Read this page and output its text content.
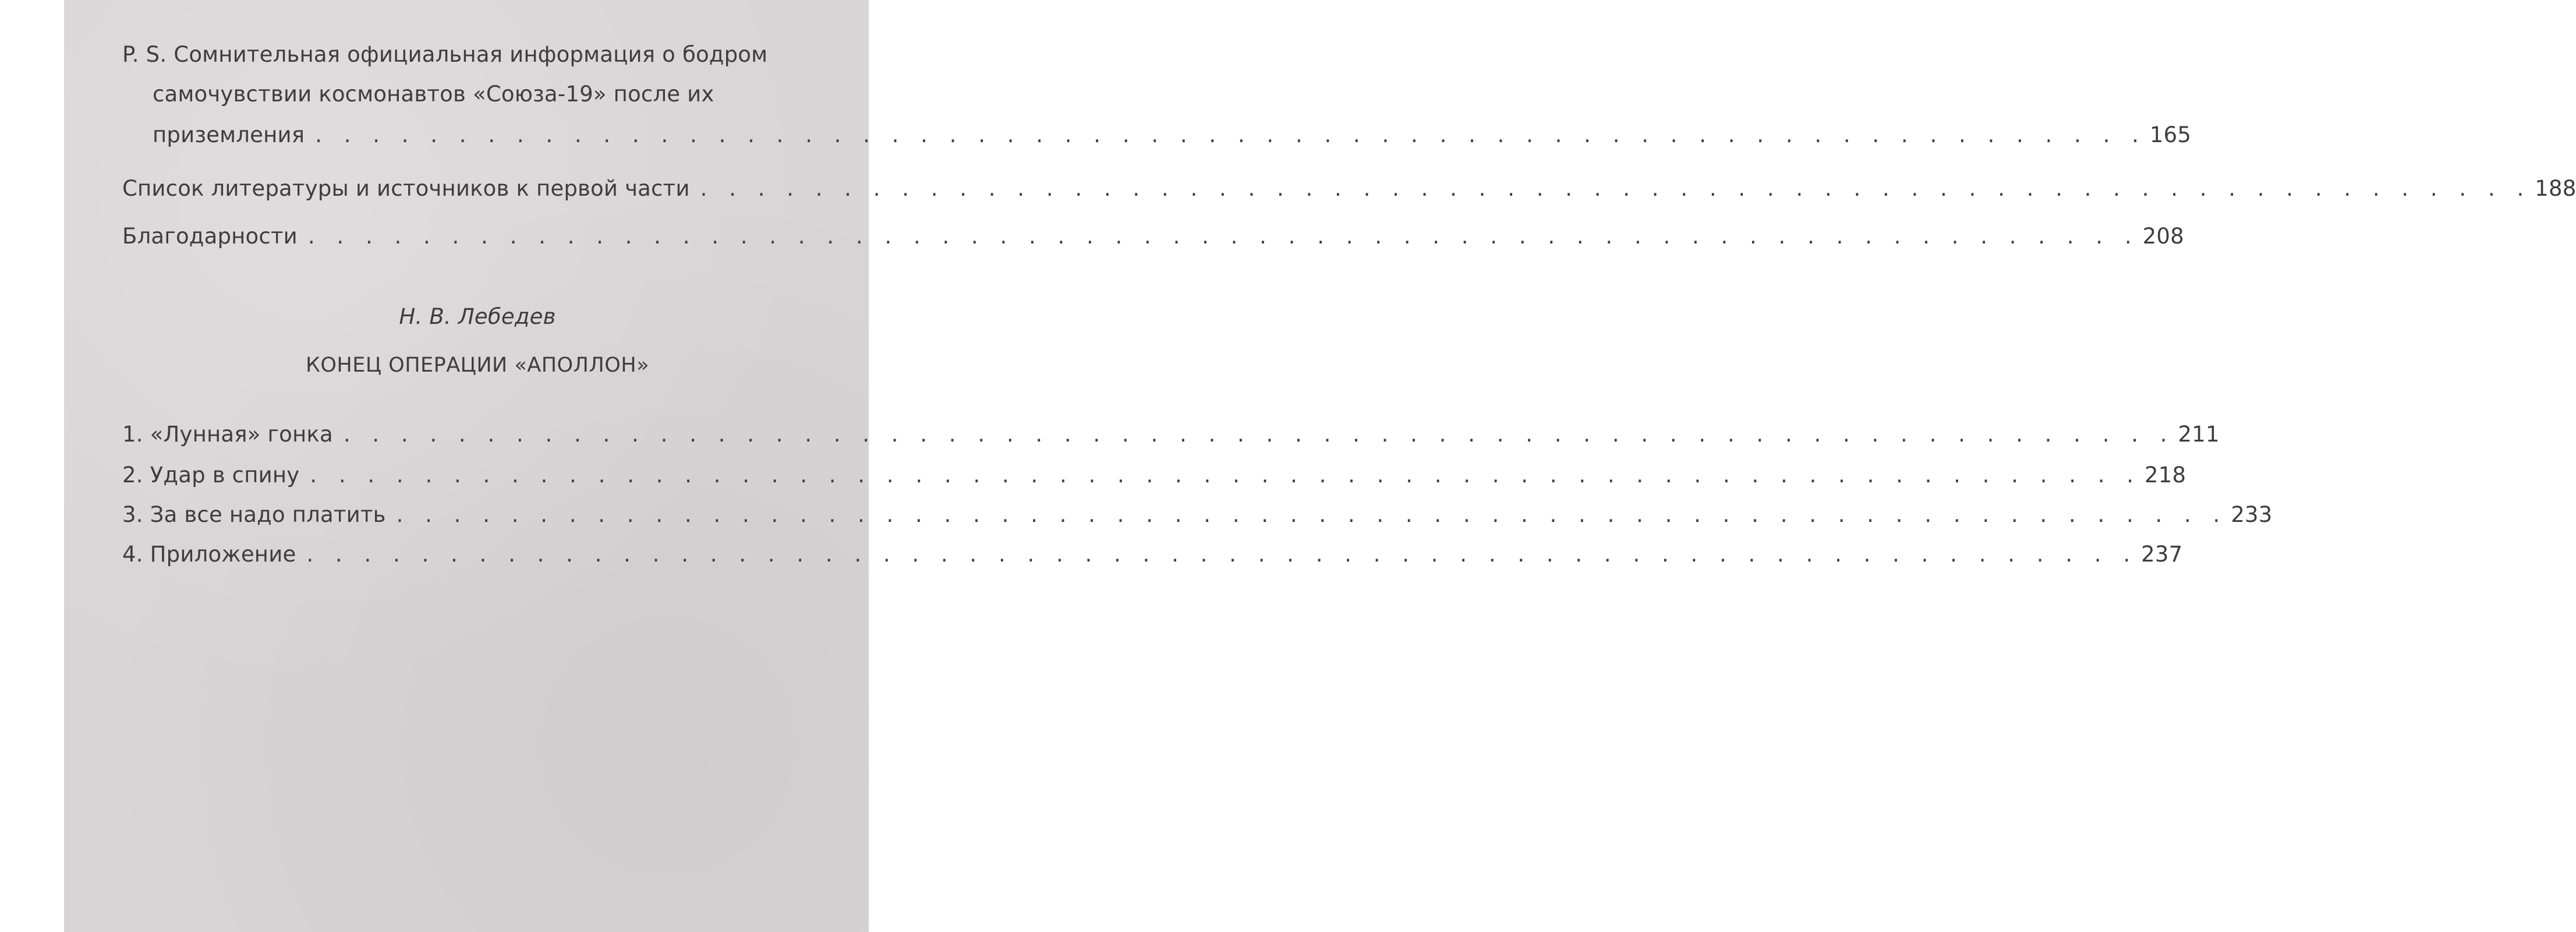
P. S. Сомнительная официальная информация о бодром
самочувствии космонавтов «Союза-19» после их
приземления . . . . . . . . . . . . . . . . . . . . . . . . . . . . . . . . . . . . . . . . . . . . . . . . . . . . . . . . . . . . . . . . 165
Список литературы и источников к первой части . . . . . . . . . . . . . . . . . . . . . . . . . . . . . . . . . . . . . . . . . . . . . . . . . . . . . . . . . . . . . . . . 188
Благодарности . . . . . . . . . . . . . . . . . . . . . . . . . . . . . . . . . . . . . . . . . . . . . . . . . . . . . . . . . . . . . . . . 208
Н. В. Лебедев
КОНЕЦ ОПЕРАЦИИ «АПОЛЛОН»
1. «Лунная» гонка . . . . . . . . . . . . . . . . . . . . . . . . . . . . . . . . . . . . . . . . . . . . . . . . . . . . . . . . . . . . . . . . 211
2. Удар в спину . . . . . . . . . . . . . . . . . . . . . . . . . . . . . . . . . . . . . . . . . . . . . . . . . . . . . . . . . . . . . . . . 218
3. За все надо платить . . . . . . . . . . . . . . . . . . . . . . . . . . . . . . . . . . . . . . . . . . . . . . . . . . . . . . . . . . . . . . . . 233
4. Приложение . . . . . . . . . . . . . . . . . . . . . . . . . . . . . . . . . . . . . . . . . . . . . . . . . . . . . . . . . . . . . . . . 237
